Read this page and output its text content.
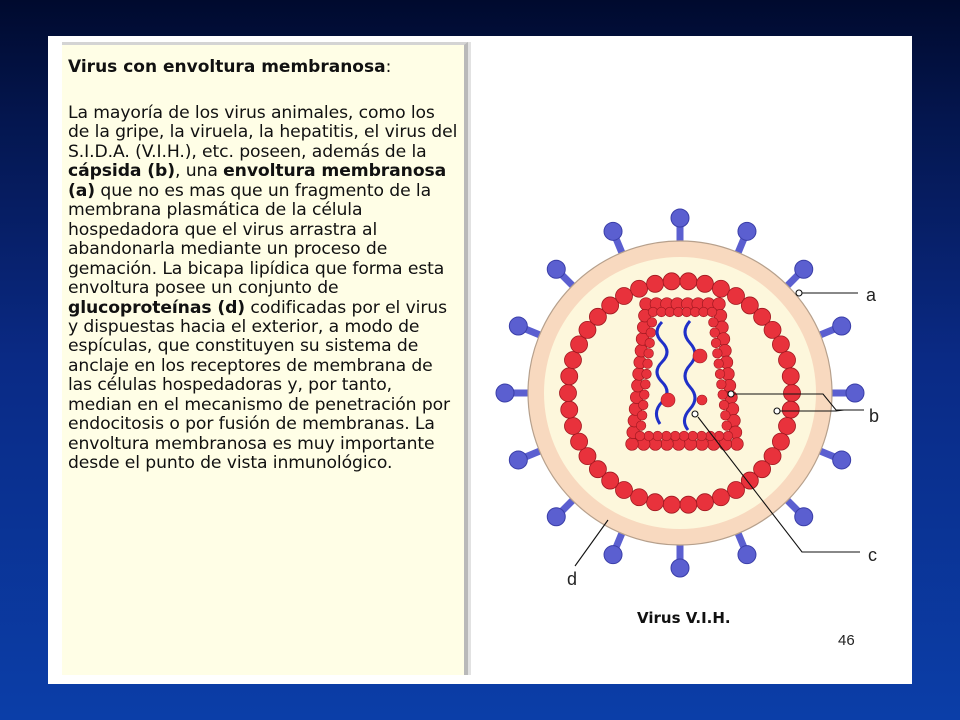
Virus con envoltura membranosa:

La mayoría de los virus animales, como los de la gripe, la viruela, la hepatitis, el virus del S.I.D.A. (V.I.H.), etc. poseen, además de la cápsida (b), una envoltura membranosa (a) que no es mas que un fragmento de la membrana plasmática de la célula hospedadora que el virus arrastra al abandonarla mediante un proceso de gemación. La bicapa lipídica que forma esta envoltura posee un conjunto de glucoproteínas (d) codificadas por el virus y dispuestas hacia el exterior, a modo de espículas, que constituyen su sistema de anclaje en los receptores de membrana de las células hospedadoras y, por tanto, median en el mecanismo de penetración por endocitosis o por fusión de membranas. La envoltura membranosa es muy importante desde el punto de vista inmunológico.

a
b
c
d
Virus V.I.H.
46
